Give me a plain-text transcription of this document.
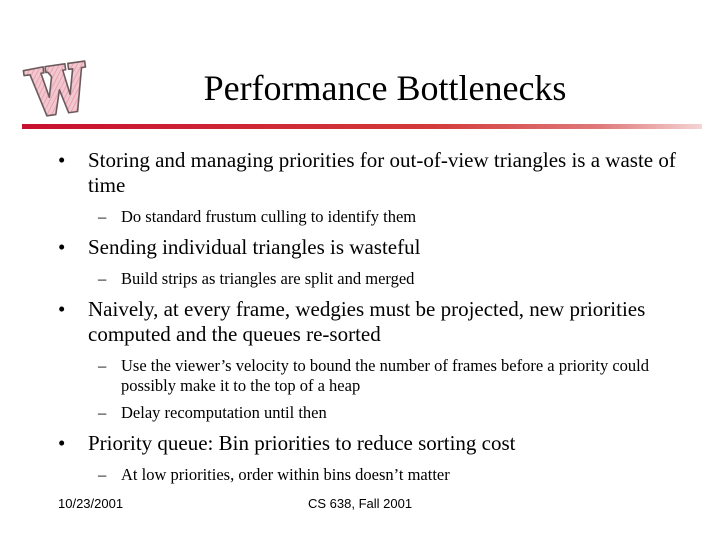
Performance Bottlenecks
• Storing and managing priorities for out-of-view triangles is a waste of time
– Do standard frustum culling to identify them
• Sending individual triangles is wasteful
– Build strips as triangles are split and merged
• Naively, at every frame, wedgies must be projected, new priorities computed and the queues re-sorted
– Use the viewer’s velocity to bound the number of frames before a priority could possibly make it to the top of a heap
– Delay recomputation until then
• Priority queue: Bin priorities to reduce sorting cost
– At low priorities, order within bins doesn’t matter
10/23/2001	CS 638, Fall 2001
